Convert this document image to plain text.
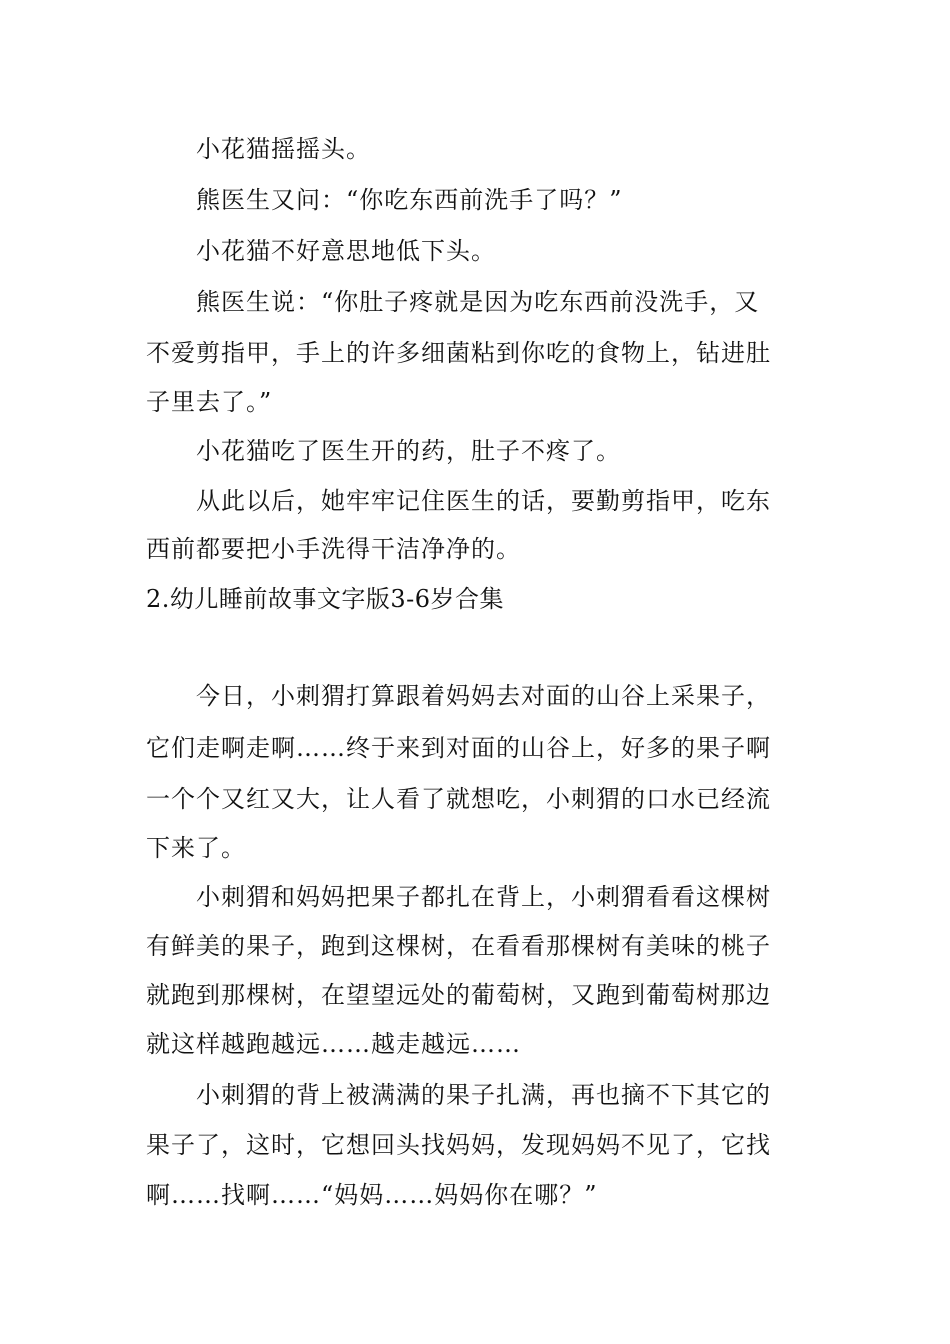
小花猫摇摇头。
熊医生又问：“你吃东西前洗手了吗？”
小花猫不好意思地低下头。
熊医生说：“你肚子疼就是因为吃东西前没洗手，又
不爱剪指甲，手上的许多细菌粘到你吃的食物上，钻进肚
子里去了。”
小花猫吃了医生开的药，肚子不疼了。
从此以后，她牢牢记住医生的话，要勤剪指甲，吃东
西前都要把小手洗得干洁净净的。
2.幼儿睡前故事文字版3-6岁合集
今日，小刺猬打算跟着妈妈去对面的山谷上采果子，
它们走啊走啊……终于来到对面的山谷上，好多的果子啊
一个个又红又大，让人看了就想吃，小刺猬的口水已经流
下来了。
小刺猬和妈妈把果子都扎在背上，小刺猬看看这棵树
有鲜美的果子，跑到这棵树，在看看那棵树有美味的桃子
就跑到那棵树，在望望远处的葡萄树，又跑到葡萄树那边
就这样越跑越远……越走越远……
小刺猬的背上被满满的果子扎满，再也摘不下其它的
果子了，这时，它想回头找妈妈，发现妈妈不见了，它找
啊……找啊……“妈妈……妈妈你在哪？”
